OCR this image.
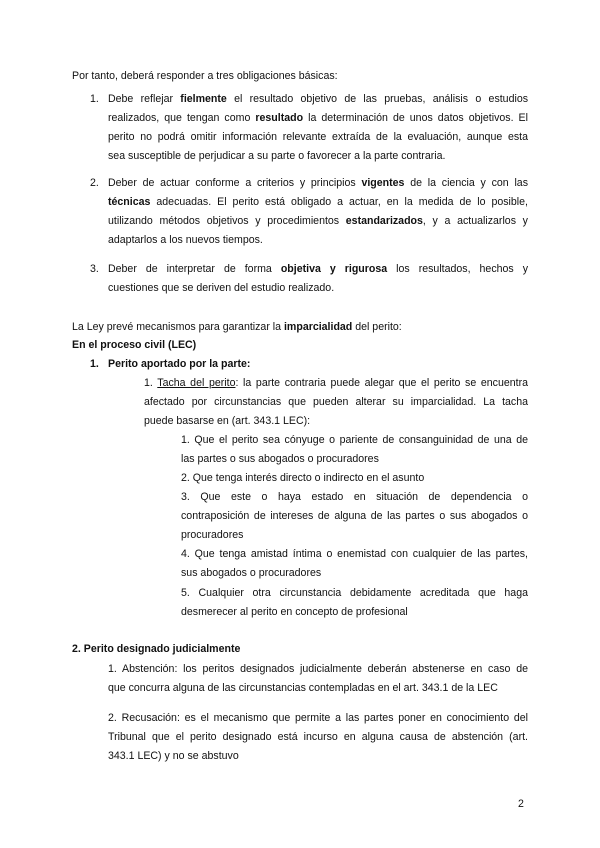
Por tanto, deberá responder a tres obligaciones básicas:
1. Debe reflejar fielmente el resultado objetivo de las pruebas, análisis o estudios
realizados, que tengan como resultado la determinación de unos datos objetivos. El
perito no podrá omitir información relevante extraída de la evaluación, aunque esta
sea susceptible de perjudicar a su parte o favorecer a la parte contraria.
2. Deber de actuar conforme a criterios y principios vigentes de la ciencia y con las
técnicas adecuadas. El perito está obligado a actuar, en la medida de lo posible,
utilizando métodos objetivos y procedimientos estandarizados, y a actualizarlos y
adaptarlos a los nuevos tiempos.
3. Deber de interpretar de forma objetiva y rigurosa los resultados, hechos y
cuestiones que se deriven del estudio realizado.
La Ley prevé mecanismos para garantizar la imparcialidad del perito:
En el proceso civil (LEC)
1. Perito aportado por la parte:
1. Tacha del perito: la parte contraria puede alegar que el perito se encuentra
afectado por circunstancias que pueden alterar su imparcialidad. La tacha
puede basarse en (art. 343.1 LEC):
1. Que el perito sea cónyuge o pariente de consanguinidad de una de
las partes o sus abogados o procuradores
2. Que tenga interés directo o indirecto en el asunto
3. Que este o haya estado en situación de dependencia o
contraposición de intereses de alguna de las partes o sus abogados o
procuradores
4. Que tenga amistad íntima o enemistad con cualquier de las partes,
sus abogados o procuradores
5. Cualquier otra circunstancia debidamente acreditada que haga
desmerecer al perito en concepto de profesional
2. Perito designado judicialmente
1. Abstención: los peritos designados judicialmente deberán abstenerse en caso de
que concurra alguna de las circunstancias contempladas en el art. 343.1 de la LEC
2. Recusación: es el mecanismo que permite a las partes poner en conocimiento del
Tribunal que el perito designado está incurso en alguna causa de abstención (art.
343.1 LEC) y no se abstuvo
2
